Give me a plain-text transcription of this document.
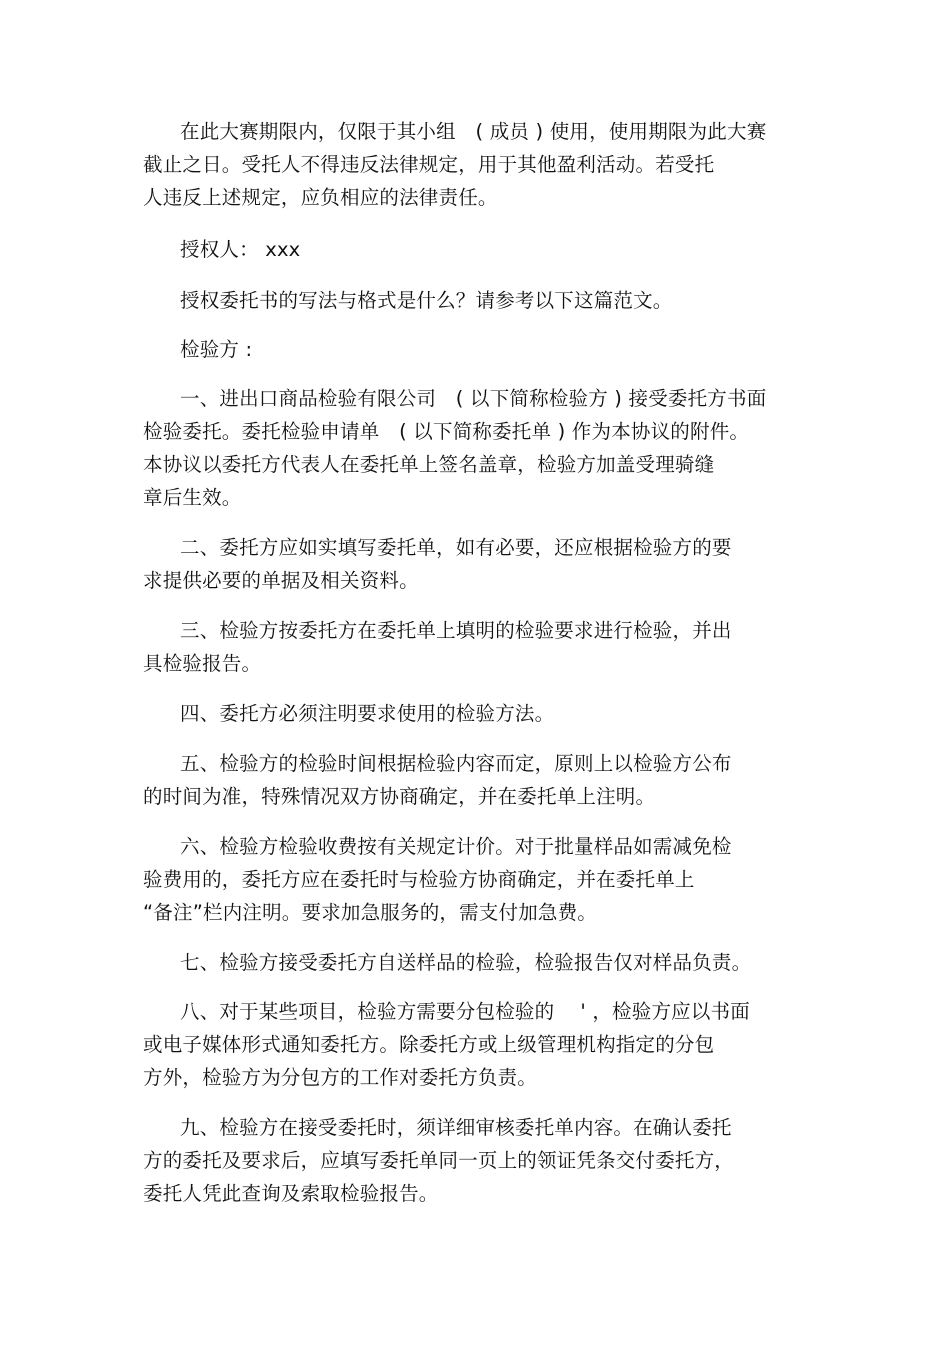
在此大赛期限内，仅限于其小组　( 成员 ) 使用，使用期限为此大赛
截止之日。受托人不得违反法律规定，用于其他盈利活动。若受托
人违反上述规定，应负相应的法律责任。
授权人： xxx
授权委托书的写法与格式是什么？请参考以下这篇范文。
检验方 :
一、进出口商品检验有限公司　( 以下简称检验方 ) 接受委托方书面
检验委托。委托检验申请单　( 以下简称委托单 ) 作为本协议的附件。
本协议以委托方代表人在委托单上签名盖章，检验方加盖受理骑缝
章后生效。
二、委托方应如实填写委托单，如有必要，还应根据检验方的要
求提供必要的单据及相关资料。
三、检验方按委托方在委托单上填明的检验要求进行检验，并出
具检验报告。
四、委托方必须注明要求使用的检验方法。
五、检验方的检验时间根据检验内容而定，原则上以检验方公布
的时间为准，特殊情况双方协商确定，并在委托单上注明。
六、检验方检验收费按有关规定计价。对于批量样品如需减免检
验费用的，委托方应在委托时与检验方协商确定，并在委托单上
“备注”栏内注明。要求加急服务的，需支付加急费。
七、检验方接受委托方自送样品的检验，检验报告仅对样品负责。
八、对于某些项目，检验方需要分包检验的　 ' ，检验方应以书面
或电子媒体形式通知委托方。除委托方或上级管理机构指定的分包
方外，检验方为分包方的工作对委托方负责。
九、检验方在接受委托时，须详细审核委托单内容。在确认委托
方的委托及要求后，应填写委托单同一页上的领证凭条交付委托方，
委托人凭此查询及索取检验报告。
